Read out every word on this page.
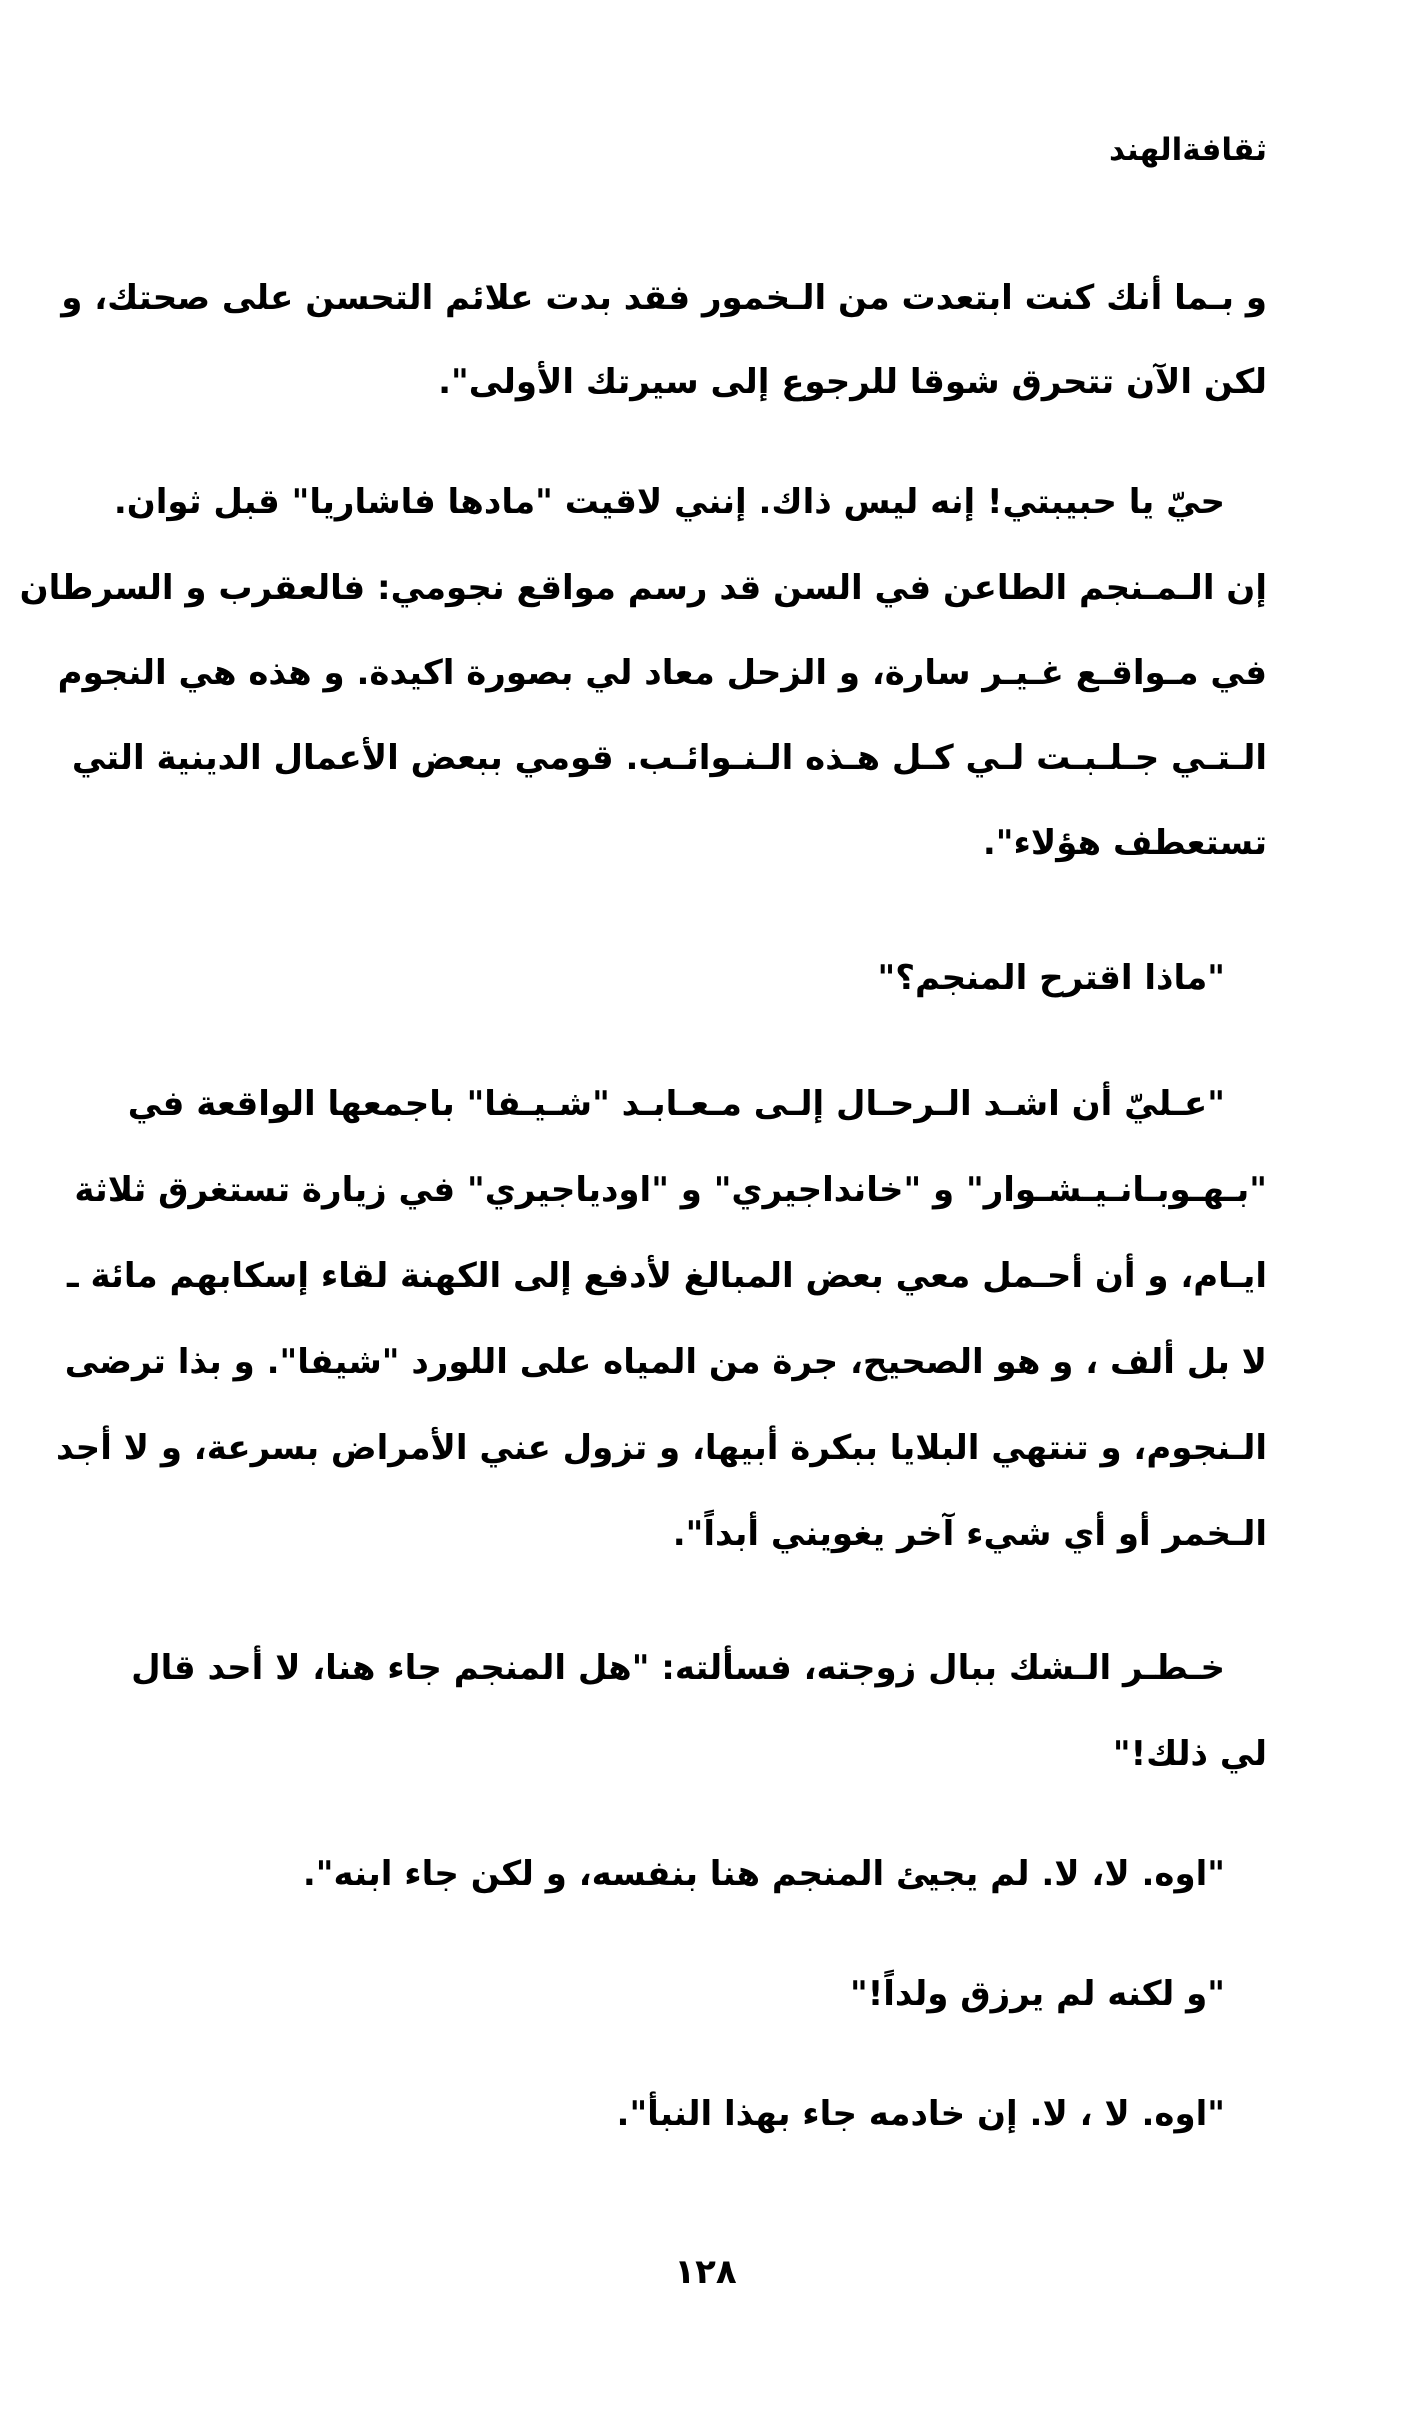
ثقافةالهند
و بـما أنك كنت ابتعدت من الـخمور فقد بدت علائم التحسن على صحتك، و
لكن الآن تتحرق شوقا للرجوع إلى سيرتك الأولى".
حيّ يا حبيبتي! إنه ليس ذاك. إنني لاقيت "مادها فاشاريا" قبل ثوان.
إن الـمـنجم الطاعن في السن قد رسم مواقع نجومي: فالعقرب و السرطان
في مـواقـع غـيـر سارة، و الزحل معاد لي بصورة اكيدة. و هذه هي النجوم
الـتـي جـلـبـت لـي كـل هـذه الـنـوائـب. قومي ببعض الأعمال الدينية التي
تستعطف هؤلاء".
"ماذا اقترح المنجم؟"
"عـليّ أن اشـد الـرحـال إلـى مـعـابـد "شـيـفا" باجمعها الواقعة في
"بـهـوبـانـيـشـوار" و "خانداجيري" و "اودياجيري" في زيارة تستغرق ثلاثة
ايـام، و أن أحـمل معي بعض المبالغ لأدفع إلى الكهنة لقاء إسكابهم مائة ـ
لا بل ألف ، و هو الصحيح، جرة من المياه على اللورد "شيفا". و بذا ترضى
الـنجوم، و تنتهي البلايا ببكرة أبيها، و تزول عني الأمراض بسرعة، و لا أجد
الـخمر أو أي شيء آخر يغويني أبداً".
خـطـر الـشك ببال زوجته، فسألته: "هل المنجم جاء هنا، لا أحد قال
لي ذلك!"
"اوه. لا، لا. لم يجيئ المنجم هنا بنفسه، و لكن جاء ابنه".
"و لكنه لم يرزق ولداً!"
"اوه. لا ، لا. إن خادمه جاء بهذا النبأ".
١٢٨
